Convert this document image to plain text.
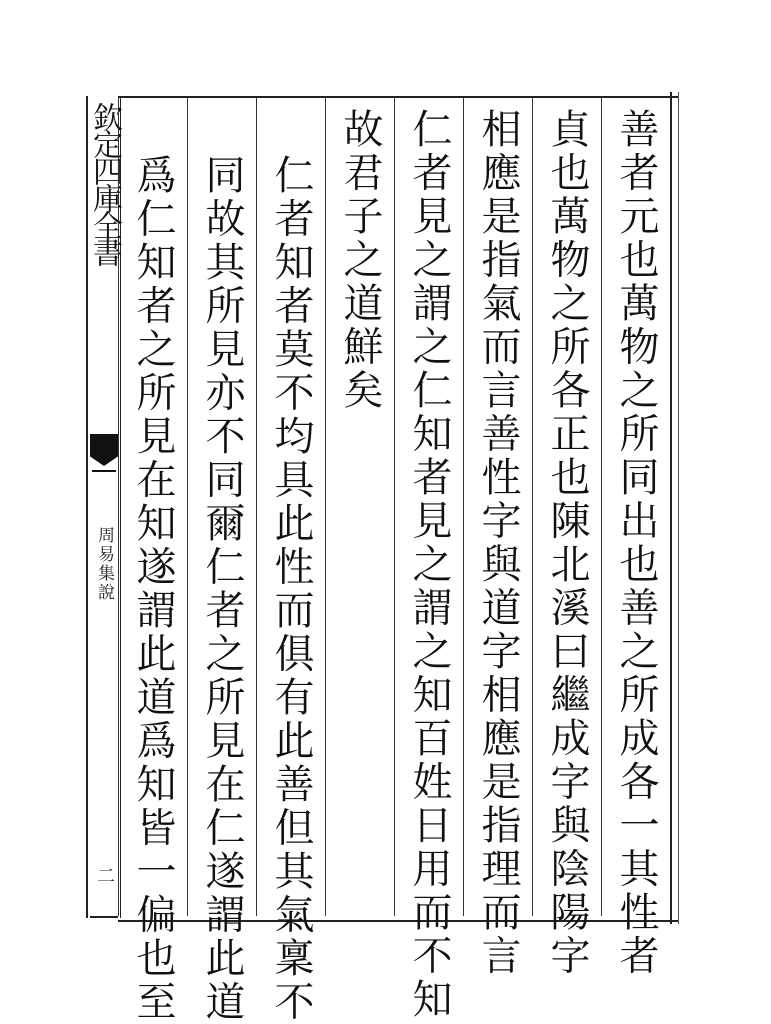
欽定四庫全書
周易集說
二	善者元也萬物之所同出也善之所成各一其性者
貞也萬物之所各正也陳北溪曰繼成字與陰陽字
相應是指氣而言善性字與道字相應是指理而言
仁者見之謂之仁知者見之謂之知百姓日用而不知
故君子之道鮮矣
仁者知者莫不均具此性而俱有此善但其氣稟不
同故其所見亦不同爾仁者之所見在仁遂謂此道
爲仁知者之所見在知遂謂此道爲知皆一偏也至
